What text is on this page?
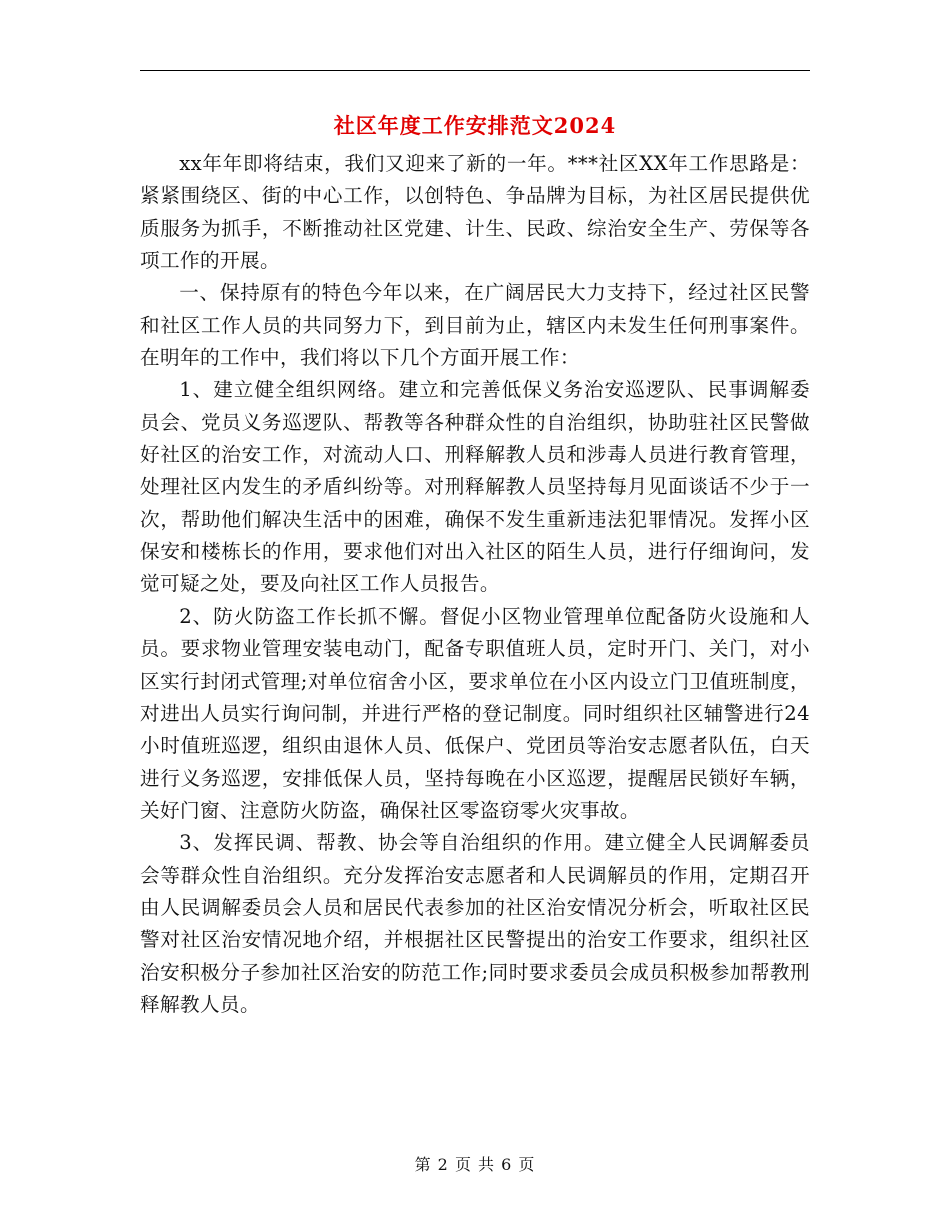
社区年度工作安排范文2024

xx年年即将结束，我们又迎来了新的一年。***社区XX年工作思路是：紧紧围绕区、街的中心工作，以创特色、争品牌为目标，为社区居民提供优质服务为抓手，不断推动社区党建、计生、民政、综治安全生产、劳保等各项工作的开展。

一、保持原有的特色今年以来，在广阔居民大力支持下，经过社区民警和社区工作人员的共同努力下，到目前为止，辖区内未发生任何刑事案件。在明年的工作中，我们将以下几个方面开展工作：

1、建立健全组织网络。建立和完善低保义务治安巡逻队、民事调解委员会、党员义务巡逻队、帮教等各种群众性的自治组织，协助驻社区民警做好社区的治安工作，对流动人口、刑释解教人员和涉毒人员进行教育管理，处理社区内发生的矛盾纠纷等。对刑释解教人员坚持每月见面谈话不少于一次，帮助他们解决生活中的困难，确保不发生重新违法犯罪情况。发挥小区保安和楼栋长的作用，要求他们对出入社区的陌生人员，进行仔细询问，发觉可疑之处，要及向社区工作人员报告。

2、防火防盗工作长抓不懈。督促小区物业管理单位配备防火设施和人员。要求物业管理安装电动门，配备专职值班人员，定时开门、关门，对小区实行封闭式管理;对单位宿舍小区，要求单位在小区内设立门卫值班制度，对进出人员实行询问制，并进行严格的登记制度。同时组织社区辅警进行24小时值班巡逻，组织由退休人员、低保户、党团员等治安志愿者队伍，白天进行义务巡逻，安排低保人员，坚持每晚在小区巡逻，提醒居民锁好车辆，关好门窗、注意防火防盗，确保社区零盗窃零火灾事故。

3、发挥民调、帮教、协会等自治组织的作用。建立健全人民调解委员会等群众性自治组织。充分发挥治安志愿者和人民调解员的作用，定期召开由人民调解委员会人员和居民代表参加的社区治安情况分析会，听取社区民警对社区治安情况地介绍，并根据社区民警提出的治安工作要求，组织社区治安积极分子参加社区治安的防范工作;同时要求委员会成员积极参加帮教刑释解教人员。

第 2 页 共 6 页
